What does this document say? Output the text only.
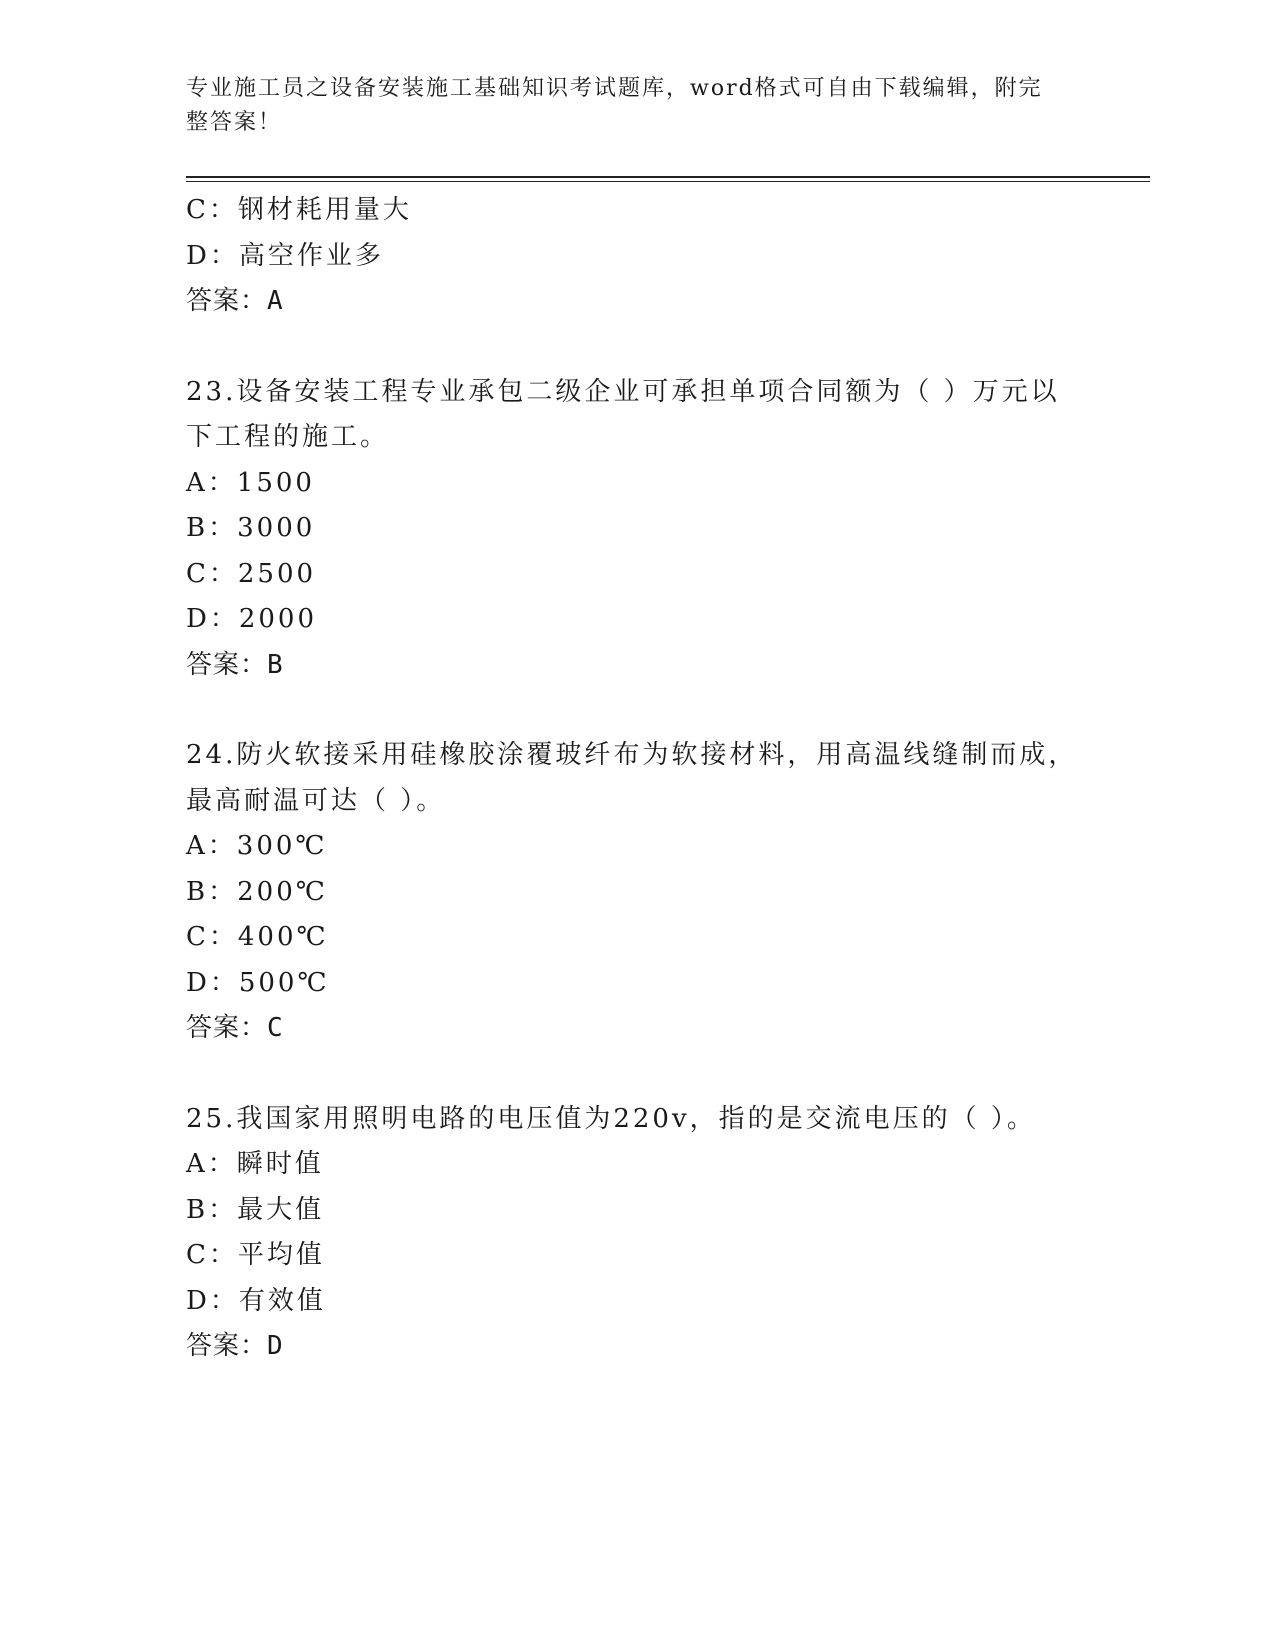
专业施工员之设备安装施工基础知识考试题库，word格式可自由下载编辑，附完
整答案！
C：钢材耗用量大
D：高空作业多
答案：A
23.设备安装工程专业承包二级企业可承担单项合同额为（ ）万元以
下工程的施工。
A：1500
B：3000
C：2500
D：2000
答案：B
24.防火软接采用硅橡胶涂覆玻纤布为软接材料，用高温线缝制而成，
最高耐温可达（ ）。
A：300℃
B：200℃
C：400℃
D：500℃
答案：C
25.我国家用照明电路的电压值为220v，指的是交流电压的（ ）。
A：瞬时值
B：最大值
C：平均值
D：有效值
答案：D
